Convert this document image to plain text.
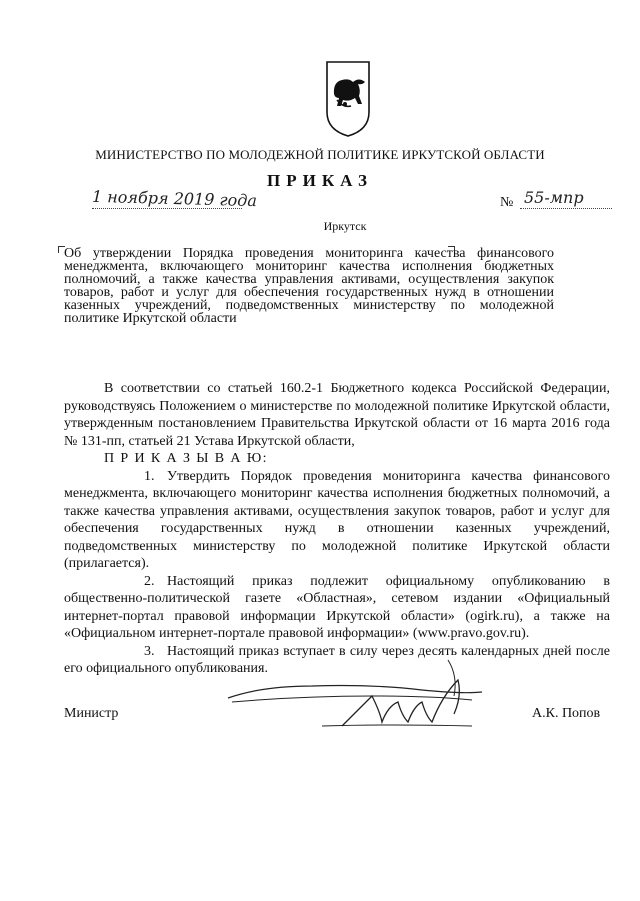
МИНИСТЕРСТВО ПО МОЛОДЕЖНОЙ ПОЛИТИКЕ ИРКУТСКОЙ ОБЛАСТИ
ПРИКАЗ
1 ноября 2019 года	№ 55-мпр
Иркутск
Об утверждении Порядка проведения мониторинга качества финансового менеджмента, включающего мониторинг качества исполнения бюджетных полномочий, а также качества управления активами, осуществления закупок товаров, работ и услуг для обеспечения государственных нужд в отношении казенных учреждений, подведомственных министерству по молодежной политике Иркутской области

В соответствии со статьей 160.2-1 Бюджетного кодекса Российской Федерации, руководствуясь Положением о министерстве по молодежной политике Иркутской области, утвержденным постановлением Правительства Иркутской области от 16 марта 2016 года № 131-пп, статьей 21 Устава Иркутской области,

П Р И К А З Ы В А Ю:

1. Утвердить Порядок проведения мониторинга качества финансового менеджмента, включающего мониторинг качества исполнения бюджетных полномочий, а также качества управления активами, осуществления закупок товаров, работ и услуг для обеспечения государственных нужд в отношении казенных учреждений, подведомственных министерству по молодежной политике Иркутской области (прилагается).

2. Настоящий приказ подлежит официальному опубликованию в общественно-политической газете «Областная», сетевом издании «Официальный интернет-портал правовой информации Иркутской области» (ogirk.ru), а также на «Официальном интернет-портале правовой информации» (www.pravo.gov.ru).

3. Настоящий приказ вступает в силу через десять календарных дней после его официального опубликования.

Министр	А.К. Попов
